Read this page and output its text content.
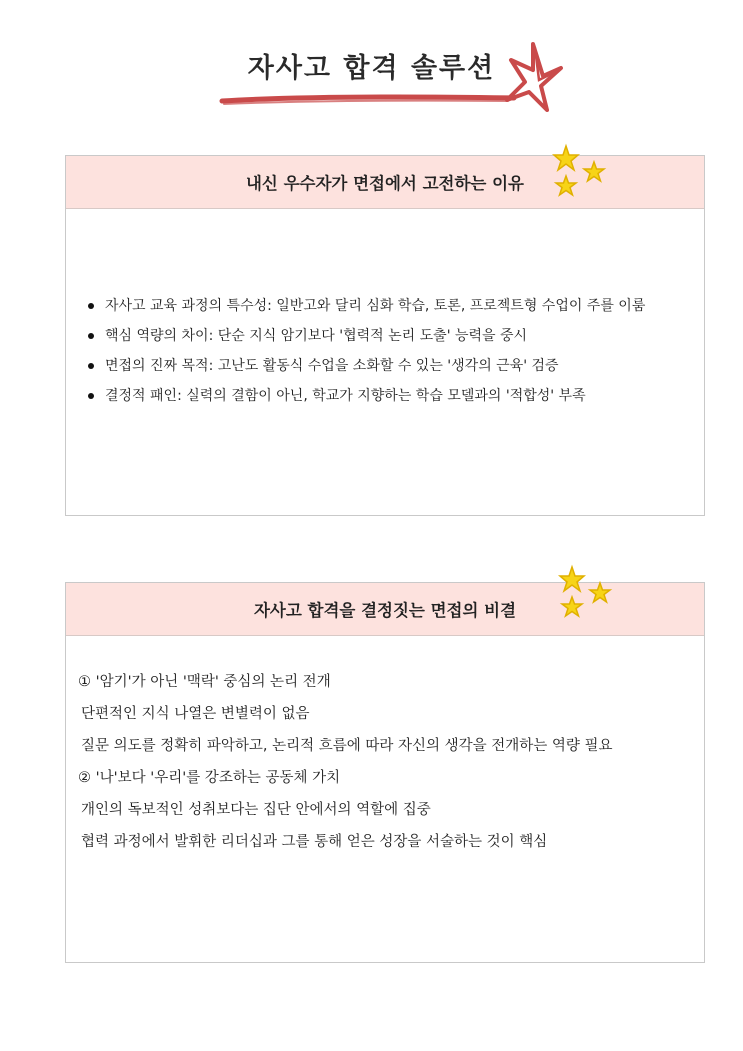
자사고 합격 솔루션
내신 우수자가 면접에서 고전하는 이유
자사고 교육 과정의 특수성: 일반고와 달리 심화 학습, 토론, 프로젝트형 수업이 주를 이룸
핵심 역량의 차이: 단순 지식 암기보다 '협력적 논리 도출' 능력을 중시
면접의 진짜 목적: 고난도 활동식 수업을 소화할 수 있는 '생각의 근육' 검증
결정적 패인: 실력의 결함이 아닌, 학교가 지향하는 학습 모델과의 '적합성' 부족
자사고 합격을 결정짓는 면접의 비결
① '암기'가 아닌 '맥락' 중심의 논리 전개
단편적인 지식 나열은 변별력이 없음
질문 의도를 정확히 파악하고, 논리적 흐름에 따라 자신의 생각을 전개하는 역량 필요
② '나'보다 '우리'를 강조하는 공동체 가치
개인의 독보적인 성취보다는 집단 안에서의 역할에 집중
협력 과정에서 발휘한 리더십과 그를 통해 얻은 성장을 서술하는 것이 핵심
